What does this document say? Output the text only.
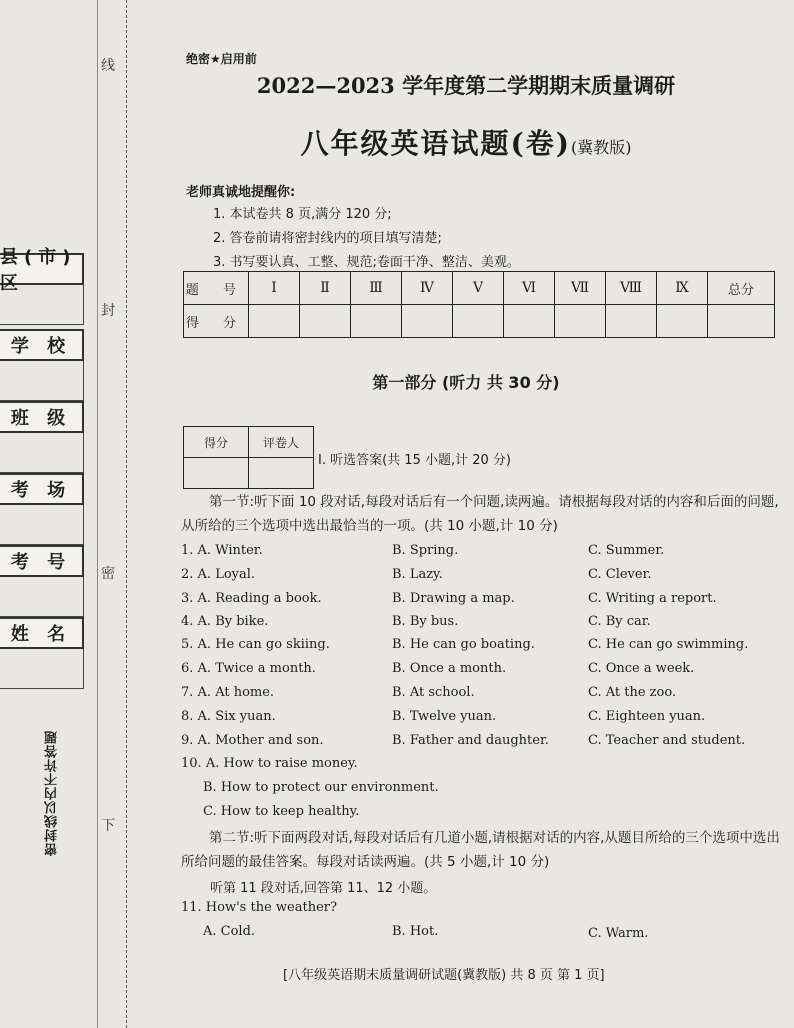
县(市)区
学 校
班 级
考 场
考 号
姓 名
线
封
密
下
密封线以内不许答题
绝密★启用前
2022—2023 学年度第二学期期末质量调研
八年级英语试题(卷)(冀教版)
老师真诚地提醒你:
1. 本试卷共 8 页,满分 120 分;
2. 答卷前请将密封线内的项目填写清楚;
3. 书写要认真、工整、规范;卷面干净、整洁、美观。
题 号	Ⅰ	Ⅱ	Ⅲ	Ⅳ	Ⅴ	Ⅵ	Ⅶ	Ⅷ	Ⅸ	总分
得 分										
第一部分 (听力 共 30 分)
得分	评卷人

Ⅰ. 听选答案(共 15 小题,计 20 分)
第一节:听下面 10 段对话,每段对话后有一个问题,读两遍。请根据每段对话的内容和后面的问题,从所给的三个选项中选出最恰当的一项。(共 10 小题,计 10 分)
1. A. Winter.	B. Spring.	C. Summer.
2. A. Loyal.	B. Lazy.	C. Clever.
3. A. Reading a book.	B. Drawing a map.	C. Writing a report.
4. A. By bike.	B. By bus.	C. By car.
5. A. He can go skiing.	B. He can go boating.	C. He can go swimming.
6. A. Twice a month.	B. Once a month.	C. Once a week.
7. A. At home.	B. At school.	C. At the zoo.
8. A. Six yuan.	B. Twelve yuan.	C. Eighteen yuan.
9. A. Mother and son.	B. Father and daughter.	C. Teacher and student.
10. A. How to raise money.
B. How to protect our environment.
C. How to keep healthy.
第二节:听下面两段对话,每段对话后有几道小题,请根据对话的内容,从题目所给的三个选项中选出所给问题的最佳答案。每段对话读两遍。(共 5 小题,计 10 分)
听第 11 段对话,回答第 11、12 小题。
11. How's the weather?
A. Cold.	B. Hot.	C. Warm.
[八年级英语期末质量调研试题(冀教版) 共 8 页 第 1 页]
